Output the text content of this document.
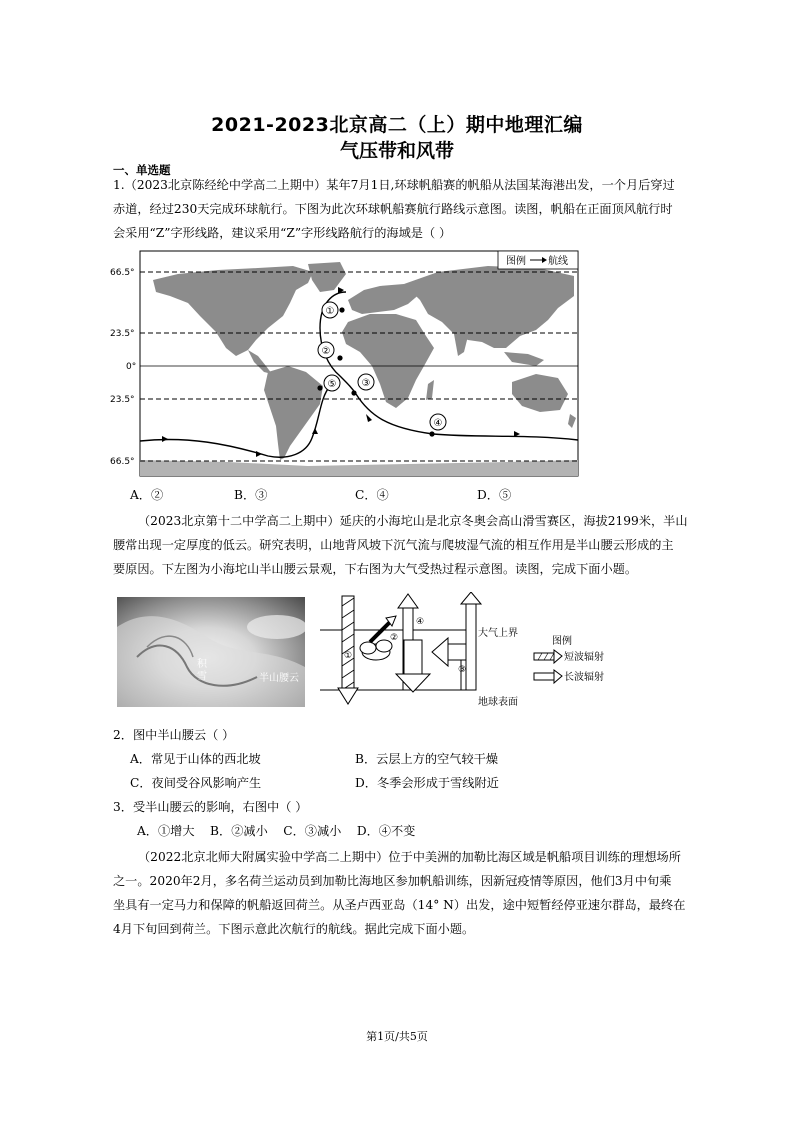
2021-2023北京高二（上）期中地理汇编
气压带和风带
一、单选题
1.（2023北京陈经纶中学高二上期中）某年7月1日,环球帆船赛的帆船从法国某海港出发，一个月后穿过
赤道，经过230天完成环球航行。下图为此次环球帆船赛航行路线示意图。读图，帆船在正面顶风航行时
会采用“Z”字形线路，建议采用“Z”字形线路航行的海域是（ ）
66.5°
23.5°
0°
23.5°
66.5°
图例 航线
①
②
③
④
⑤
A．②	B．③	C．④	D．⑤
（2023北京第十二中学高二上期中）延庆的小海坨山是北京冬奥会高山滑雪赛区，海拔2199米，半山
腰常出现一定厚度的低云。研究表明，山地背风坡下沉气流与爬坡湿气流的相互作用是半山腰云形成的主
要原因。下左图为小海坨山半山腰云景观，下右图为大气受热过程示意图。读图，完成下面小题。
积雪	半山腰云
大气上界
地球表面
①
②
④
③
图例
短波辐射
长波辐射
2．图中半山腰云（ ）
A．常见于山体的西北坡	B．云层上方的空气较干燥
C．夜间受谷风影响产生	D．冬季会形成于雪线附近
3．受半山腰云的影响，右图中（ ）
A．①增大    B．②减小    C．③减小    D．④不变
（2022北京北师大附属实验中学高二上期中）位于中美洲的加勒比海区域是帆船项目训练的理想场所
之一。2020年2月，多名荷兰运动员到加勒比海地区参加帆船训练，因新冠疫情等原因，他们3月中旬乘
坐具有一定马力和保障的帆船返回荷兰。从圣卢西亚岛（14° N）出发，途中短暂经停亚速尔群岛，最终在
4月下旬回到荷兰。下图示意此次航行的航线。据此完成下面小题。
第1页/共5页
